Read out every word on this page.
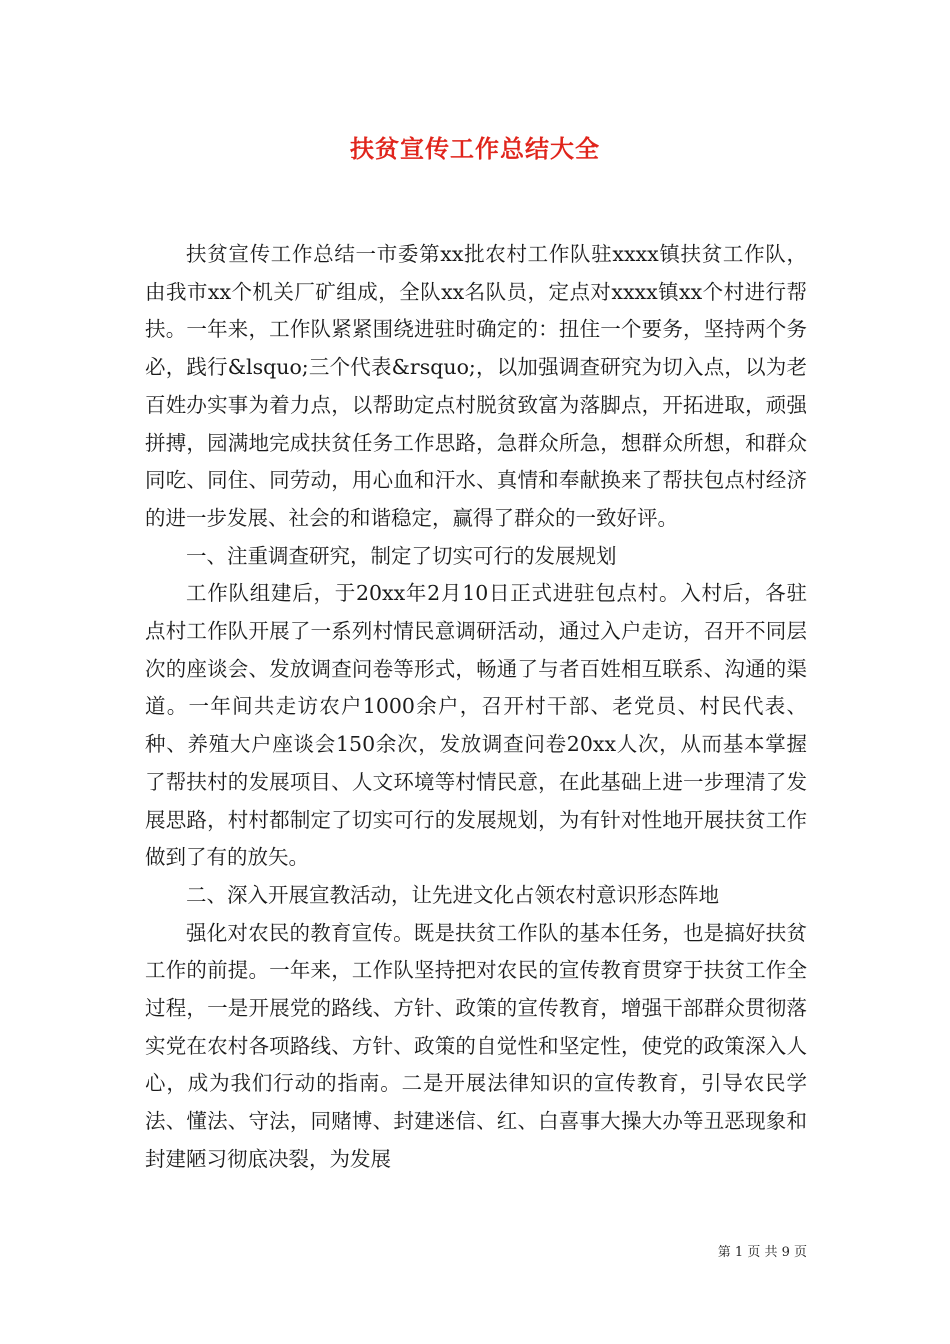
扶贫宣传工作总结大全

扶贫宣传工作总结一市委第xx批农村工作队驻xxxx镇扶贫工作队，由我市xx个机关厂矿组成，全队xx名队员，定点对xxxx镇xx个村进行帮扶。一年来，工作队紧紧围绕进驻时确定的：扭住一个要务，坚持两个务必，践行&lsquo;三个代表&rsquo;，以加强调查研究为切入点，以为老百姓办实事为着力点，以帮助定点村脱贫致富为落脚点，开拓进取，顽强拼搏，园满地完成扶贫任务工作思路，急群众所急，想群众所想，和群众同吃、同住、同劳动，用心血和汗水、真情和奉献换来了帮扶包点村经济的进一步发展、社会的和谐稳定，赢得了群众的一致好评。

一、注重调查研究，制定了切实可行的发展规划

工作队组建后，于20xx年2月10日正式进驻包点村。入村后，各驻点村工作队开展了一系列村情民意调研活动，通过入户走访，召开不同层次的座谈会、发放调查问卷等形式，畅通了与者百姓相互联系、沟通的渠道。一年间共走访农户1000余户，召开村干部、老党员、村民代表、种、养殖大户座谈会150余次，发放调查问卷20xx人次，从而基本掌握了帮扶村的发展项目、人文环境等村情民意，在此基础上进一步理清了发展思路，村村都制定了切实可行的发展规划，为有针对性地开展扶贫工作做到了有的放矢。

二、深入开展宣教活动，让先进文化占领农村意识形态阵地

强化对农民的教育宣传。既是扶贫工作队的基本任务，也是搞好扶贫工作的前提。一年来，工作队坚持把对农民的宣传教育贯穿于扶贫工作全过程，一是开展党的路线、方针、政策的宣传教育，增强干部群众贯彻落实党在农村各项路线、方针、政策的自觉性和坚定性，使党的政策深入人心，成为我们行动的指南。二是开展法律知识的宣传教育，引导农民学法、懂法、守法，同赌博、封建迷信、红、白喜事大操大办等丑恶现象和封建陋习彻底决裂，为发展

第 1 页 共 9 页
